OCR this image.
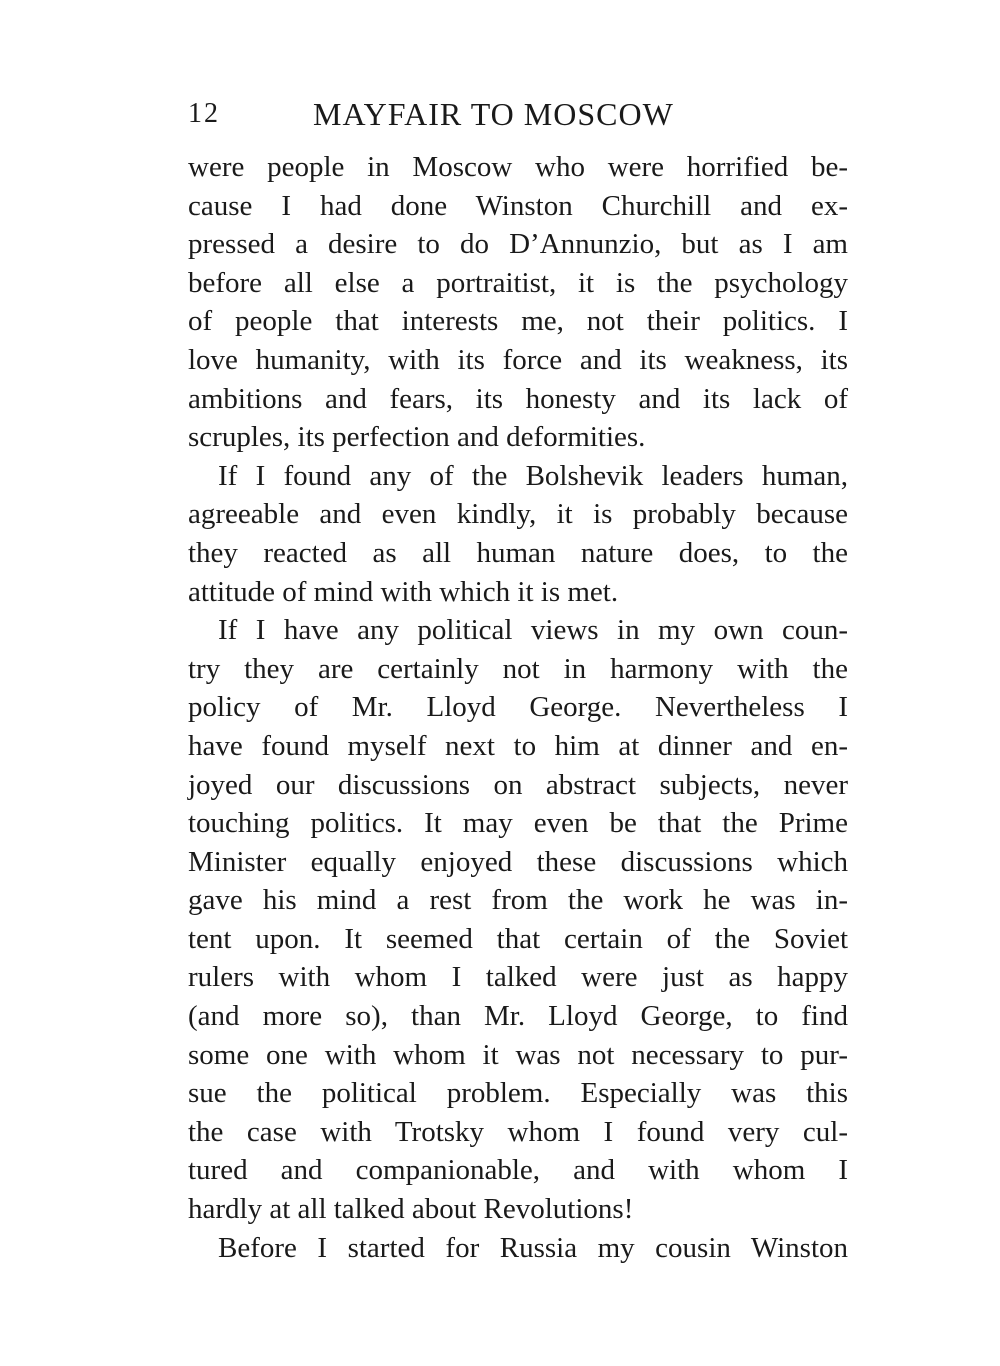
12	MAYFAIR TO MOSCOW
were people in Moscow who were horrified be-
cause I had done Winston Churchill and ex-
pressed a desire to do D’Annunzio, but as I am
before all else a portraitist, it is the psychology
of people that interests me, not their politics. I
love humanity, with its force and its weakness, its
ambitions and fears, its honesty and its lack of
scruples, its perfection and deformities.
If I found any of the Bolshevik leaders human,
agreeable and even kindly, it is probably because
they reacted as all human nature does, to the
attitude of mind with which it is met.
If I have any political views in my own coun-
try they are certainly not in harmony with the
policy of Mr. Lloyd George. Nevertheless I
have found myself next to him at dinner and en-
joyed our discussions on abstract subjects, never
touching politics. It may even be that the Prime
Minister equally enjoyed these discussions which
gave his mind a rest from the work he was in-
tent upon. It seemed that certain of the Soviet
rulers with whom I talked were just as happy
(and more so), than Mr. Lloyd George, to find
some one with whom it was not necessary to pur-
sue the political problem. Especially was this
the case with Trotsky whom I found very cul-
tured and companionable, and with whom I
hardly at all talked about Revolutions!
Before I started for Russia my cousin Winston
